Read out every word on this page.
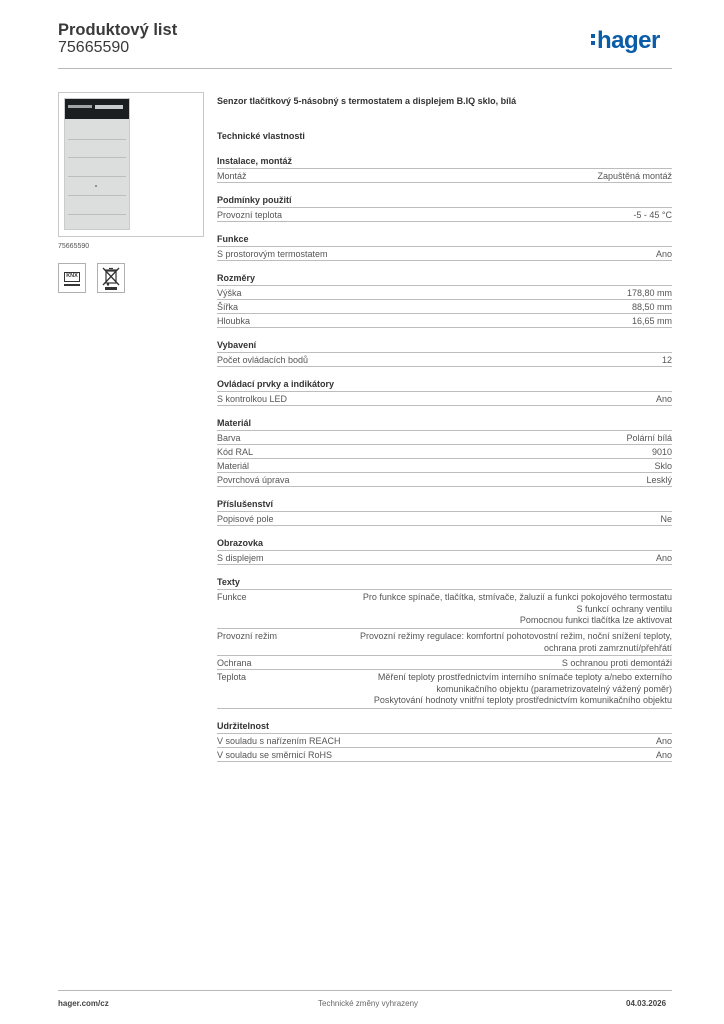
Produktový list
75665590	hager
75665590
KNX
Senzor tlačítkový 5-násobný s termostatem a displejem B.IQ sklo, bílá
Technické vlastnosti
Instalace, montáž
Montáž	Zapuštěná montáž
Podmínky použití
Provozní teplota	-5 - 45 °C
Funkce
S prostorovým termostatem	Ano
Rozměry
Výška	178,80 mm
Šířka	88,50 mm
Hloubka	16,65 mm
Vybavení
Počet ovládacích bodů	12
Ovládací prvky a indikátory
S kontrolkou LED	Ano
Materiál
Barva	Polární bílá
Kód RAL	9010
Materiál	Sklo
Povrchová úprava	Lesklý
Příslušenství
Popisové pole	Ne
Obrazovka
S displejem	Ano
Texty
Funkce	Pro funkce spínače, tlačítka, stmívače, žaluzií a funkci pokojového termostatu
S funkcí ochrany ventilu
Pomocnou funkci tlačítka lze aktivovat
Provozní režim	Provozní režimy regulace: komfortní pohotovostní režim, noční snížení teploty,
ochrana proti zamrznutí/přehřátí
Ochrana	S ochranou proti demontáži
Teplota	Měření teploty prostřednictvím interního snímače teploty a/nebo externího
komunikačního objektu (parametrizovatelný vážený poměr)
Poskytování hodnoty vnitřní teploty prostřednictvím komunikačního objektu
Udržitelnost
V souladu s nařízením REACH	Ano
V souladu se směrnicí RoHS	Ano
hager.com/cz	Technické změny vyhrazeny	04.03.2026
